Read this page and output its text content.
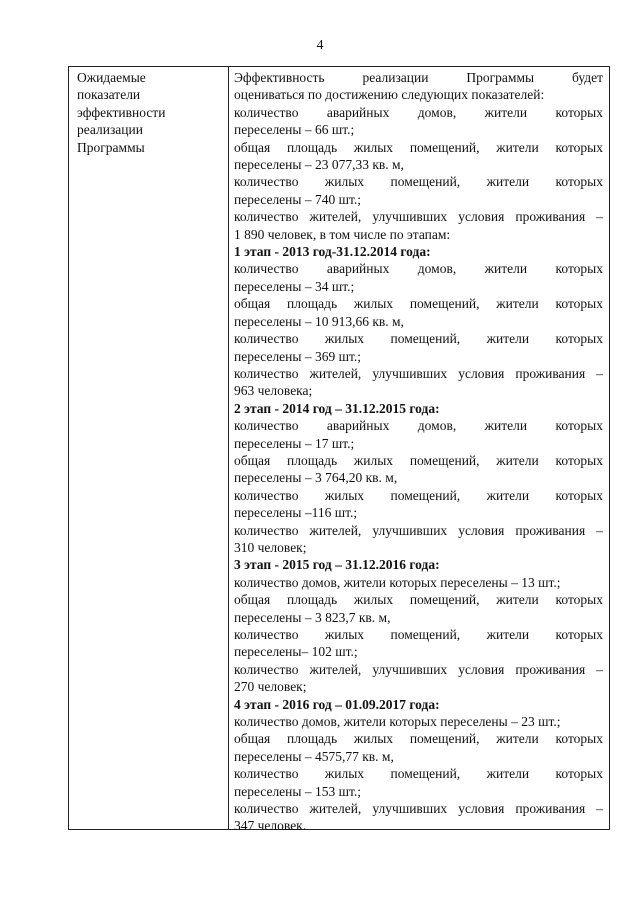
4
Ожидаемые
показатели
эффективности
реализации
Программы
Эффективность реализации Программы будет
оцениваться по достижению следующих показателей:
количество аварийных домов, жители которых
переселены – 66 шт.;
общая площадь жилых помещений, жители которых
переселены – 23 077,33 кв. м,
количество жилых помещений, жители которых
переселены – 740 шт.;
количество жителей, улучшивших условия проживания –
1 890 человек, в том числе по этапам:
1 этап - 2013 год-31.12.2014 года:
количество аварийных домов, жители которых
переселены – 34 шт.;
общая площадь жилых помещений, жители которых
переселены – 10 913,66 кв. м,
количество жилых помещений, жители которых
переселены – 369 шт.;
количество жителей, улучшивших условия проживания –
963 человека;
2 этап - 2014 год – 31.12.2015 года:
количество аварийных домов, жители которых
переселены – 17 шт.;
общая площадь жилых помещений, жители которых
переселены – 3 764,20 кв. м,
количество жилых помещений, жители которых
переселены –116 шт.;
количество жителей, улучшивших условия проживания –
310 человек;
3 этап - 2015 год – 31.12.2016 года:
количество домов, жители которых переселены – 13 шт.;
общая площадь жилых помещений, жители которых
переселены – 3 823,7 кв. м,
количество жилых помещений, жители которых
переселены– 102 шт.;
количество жителей, улучшивших условия проживания –
270 человек;
4 этап - 2016 год – 01.09.2017 года:
количество домов, жители которых переселены – 23 шт.;
общая площадь жилых помещений, жители которых
переселены – 4575,77 кв. м,
количество жилых помещений, жители которых
переселены – 153 шт.;
количество жителей, улучшивших условия проживания –
347 человек.
